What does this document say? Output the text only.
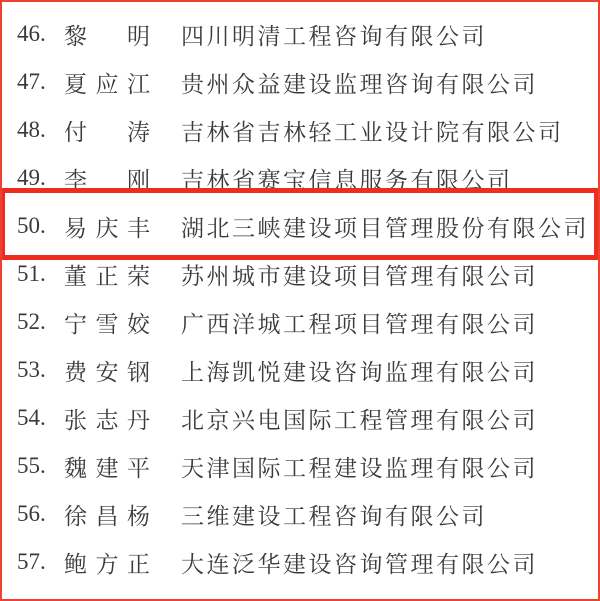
46. 黎明 四川明清工程咨询有限公司
47. 夏应江 贵州众益建设监理咨询有限公司
48. 付涛 吉林省吉林轻工业设计院有限公司
49. 李刚 吉林省赛宝信息服务有限公司
50. 易庆丰 湖北三峡建设项目管理股份有限公司
51. 董正荣 苏州城市建设项目管理有限公司
52. 宁雪姣 广西洋城工程项目管理有限公司
53. 费安钢 上海凯悦建设咨询监理有限公司
54. 张志丹 北京兴电国际工程管理有限公司
55. 魏建平 天津国际工程建设监理有限公司
56. 徐昌杨 三维建设工程咨询有限公司
57. 鲍方正 大连泛华建设咨询管理有限公司
